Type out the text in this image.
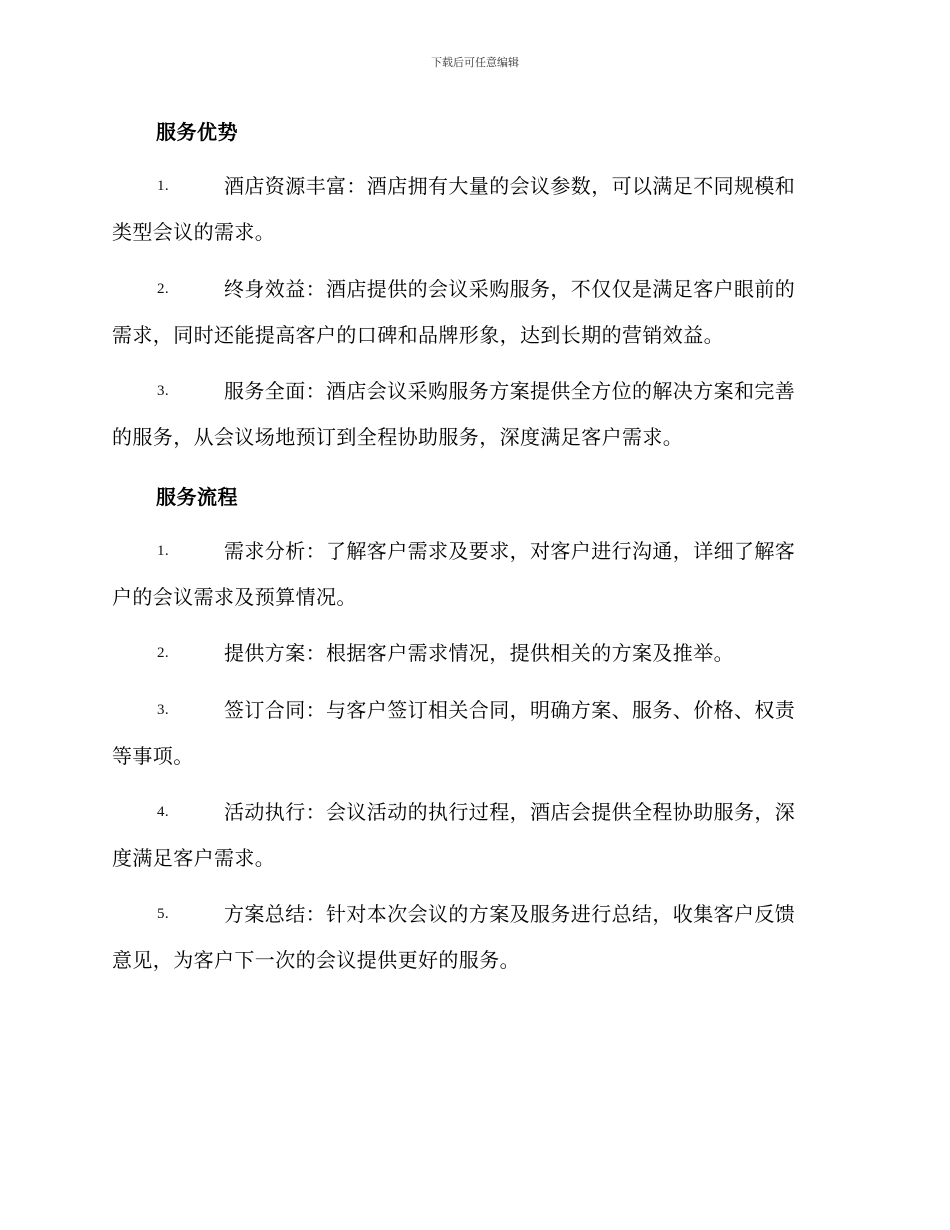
下载后可任意编辑
服务优势
1.	酒店资源丰富：酒店拥有大量的会议参数，可以满足不同规模和
类型会议的需求。
2.	终身效益：酒店提供的会议采购服务，不仅仅是满足客户眼前的
需求，同时还能提高客户的口碑和品牌形象，达到长期的营销效益。
3.	服务全面：酒店会议采购服务方案提供全方位的解决方案和完善
的服务，从会议场地预订到全程协助服务，深度满足客户需求。
服务流程
1.	需求分析：了解客户需求及要求，对客户进行沟通，详细了解客
户的会议需求及预算情况。
2.	提供方案：根据客户需求情况，提供相关的方案及推举。
3.	签订合同：与客户签订相关合同，明确方案、服务、价格、权责
等事项。
4.	活动执行：会议活动的执行过程，酒店会提供全程协助服务，深
度满足客户需求。
5.	方案总结：针对本次会议的方案及服务进行总结，收集客户反馈
意见，为客户下一次的会议提供更好的服务。
